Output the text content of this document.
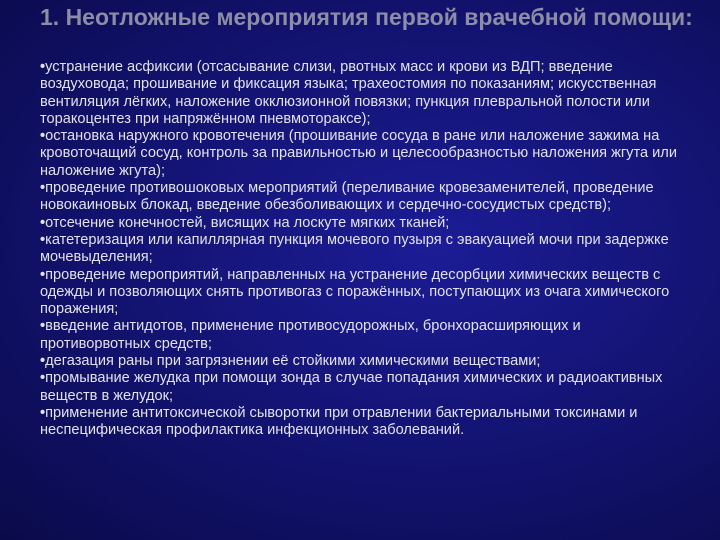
1. Неотложные мероприятия первой врачебной помощи:

•устранение асфиксии (отсасывание слизи, рвотных масс и крови из ВДП; введение воздуховода; прошивание и фиксация языка; трахеостомия по показаниям; искусственная вентиляция лёгких, наложение окклюзионной повязки; пункция плевральной полости или торакоцентез при напряжённом пневмотораксе);

•остановка наружного кровотечения (прошивание сосуда в ране или наложение зажима на кровоточащий сосуд, контроль за правильностью и целесообразностью наложения жгута или наложение жгута);

•проведение противошоковых мероприятий (переливание кровезаменителей, проведение новокаиновых блокад, введение обезболивающих и сердечно-сосудистых средств);

•отсечение конечностей, висящих на лоскуте мягких тканей;

•катетеризация или капиллярная пункция мочевого пузыря с эвакуацией мочи при задержке мочевыделения;

•проведение мероприятий, направленных на устранение десорбции химических веществ с одежды и позволяющих снять противогаз с поражённых, поступающих из очага химического поражения;

•введение антидотов, применение противосудорожных, бронхорасширяющих и противорвотных средств;

•дегазация раны при загрязнении её стойкими химическими веществами;

•промывание желудка при помощи зонда в случае попадания химических и радиоактивных веществ в желудок;

•применение антитоксической сыворотки при отравлении бактериальными токсинами и неспецифическая профилактика инфекционных заболеваний.
